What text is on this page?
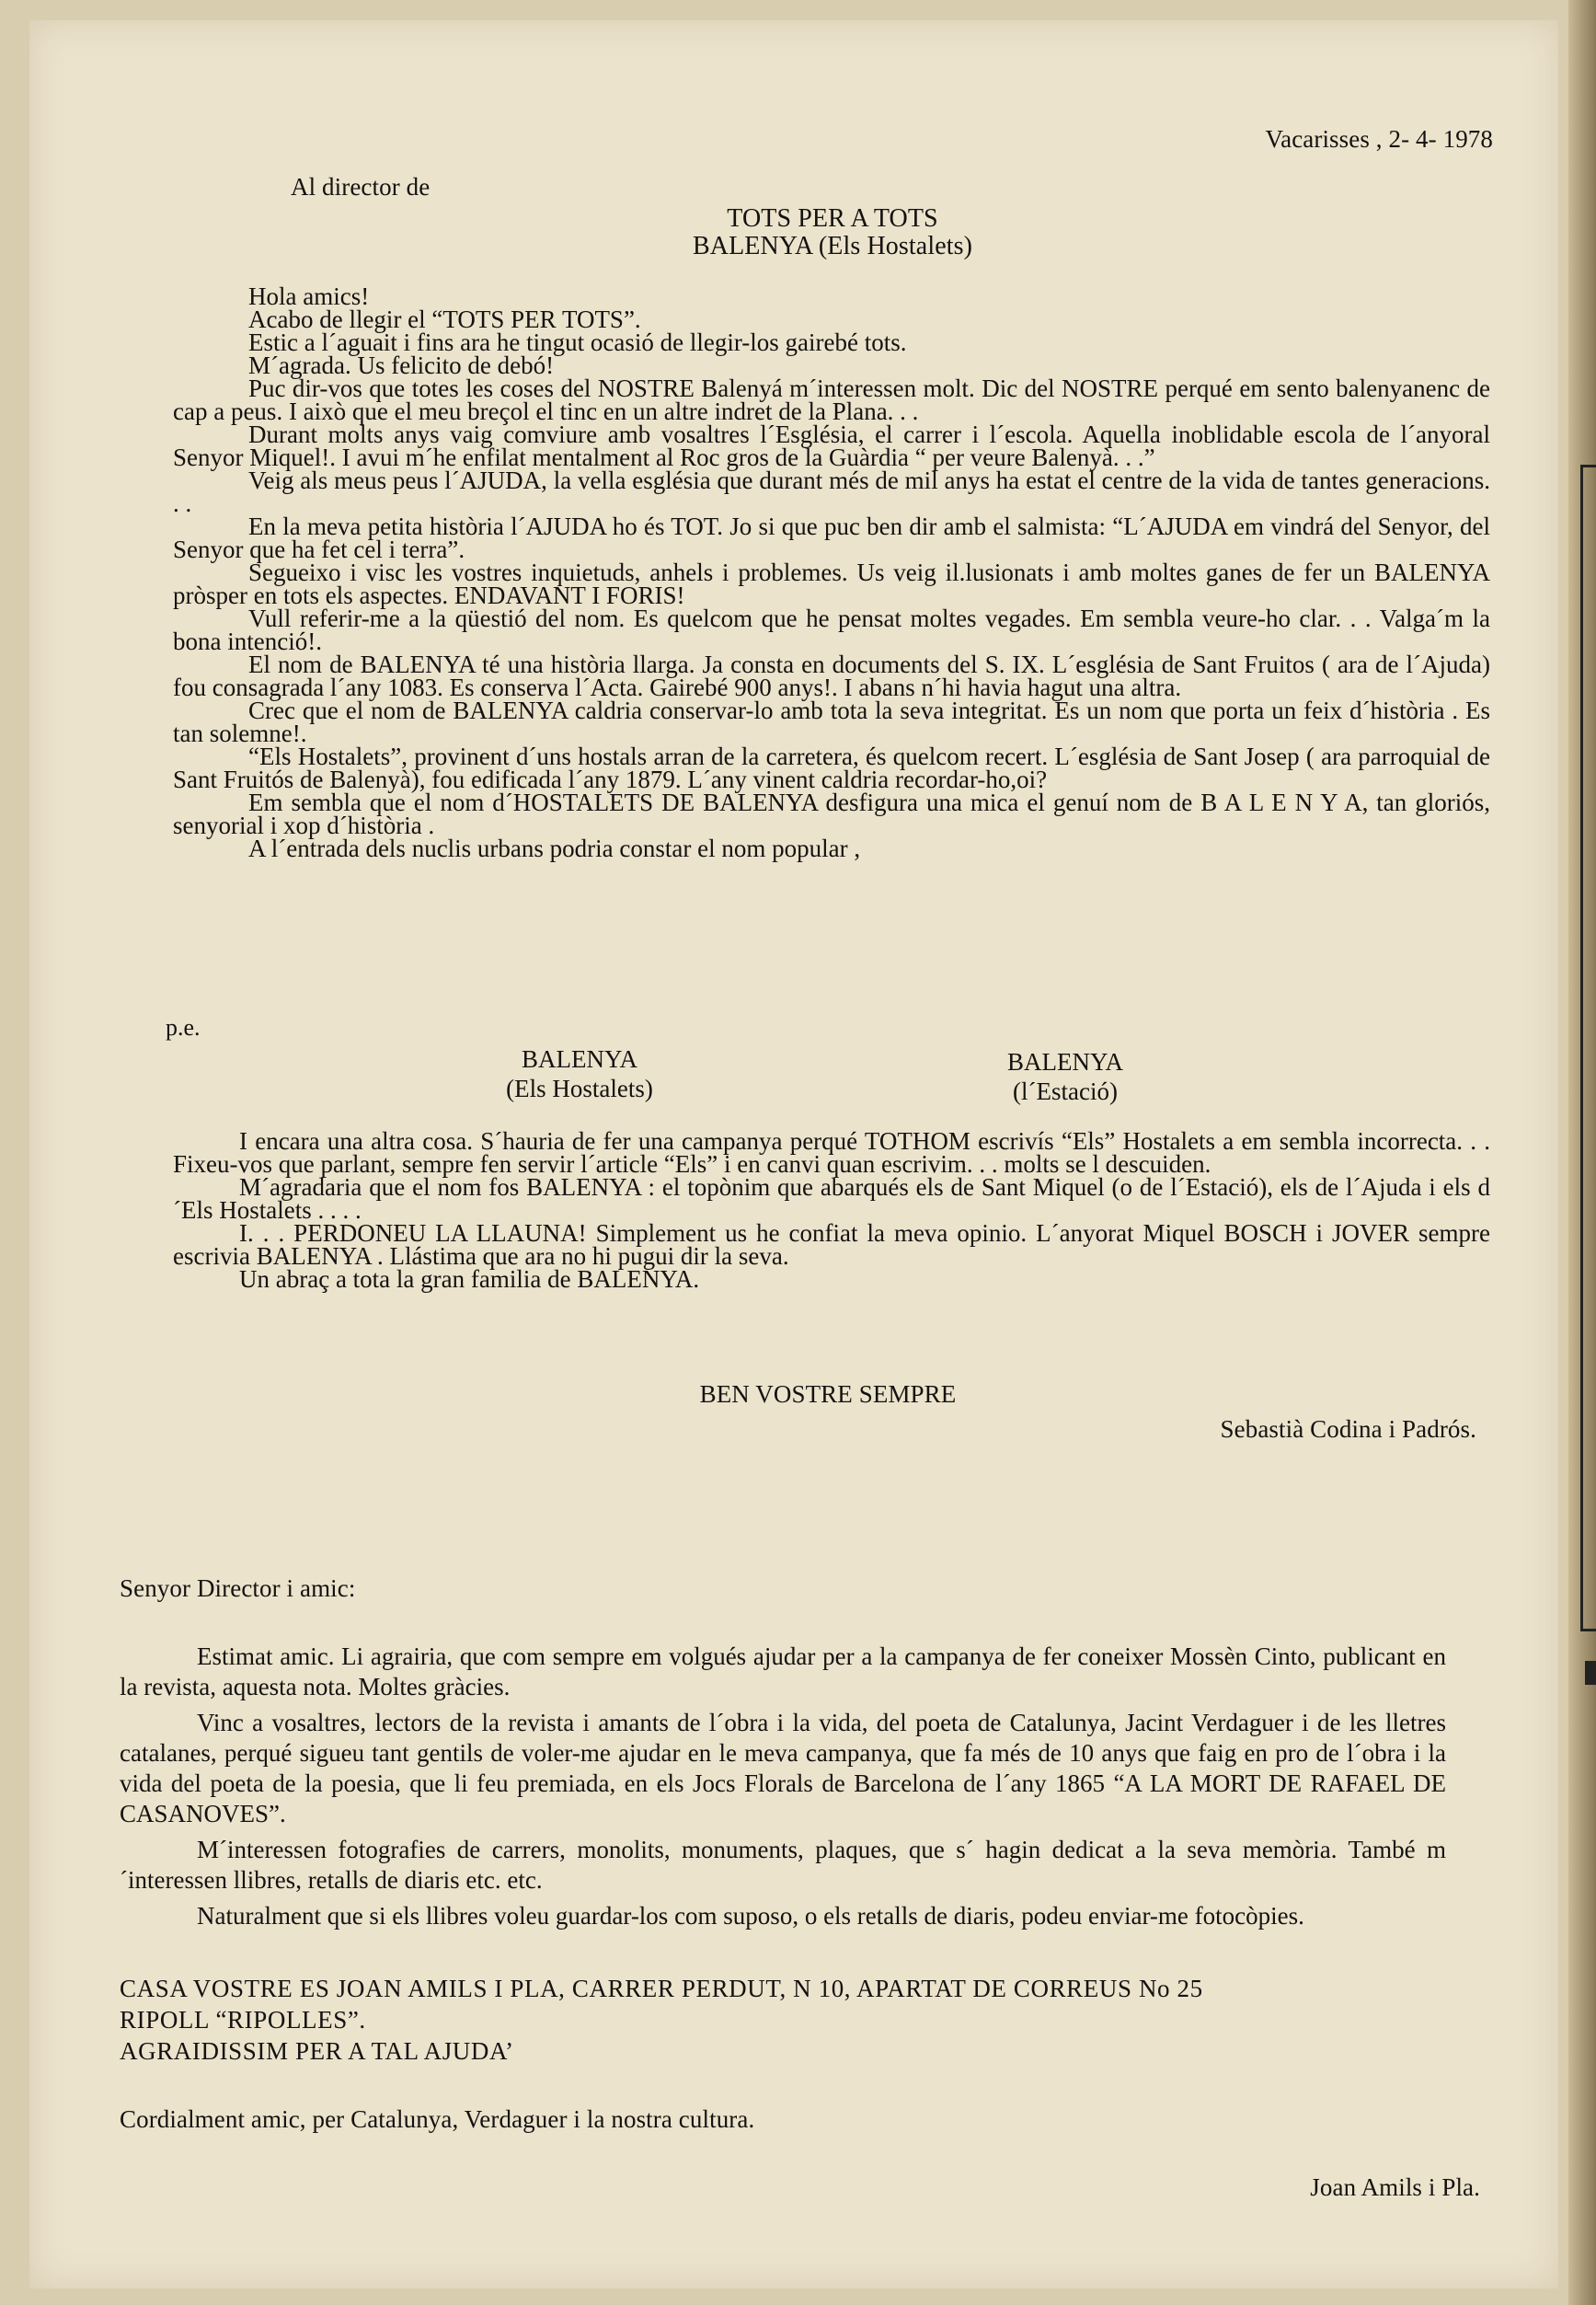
Vacarisses , 2- 4- 1978
Al director de
TOTS PER A TOTS
BALENYA (Els Hostalets)

Hola amics!

Acabo de llegir el “TOTS PER TOTS”.

Estic a l´aguait i fins ara he tingut ocasió de llegir-los gairebé tots.

M´agrada. Us felicito de debó!

Puc dir-vos que totes les coses del NOSTRE Balenyá m´interessen molt. Dic del NOSTRE perqué em sento balenyanenc de cap a peus. I això que el meu breçol el tinc en un altre indret de la Plana. . .

Durant molts anys vaig comviure amb vosaltres l´Església, el carrer i l´escola. Aquella inoblidable escola de l´anyoral Senyor Miquel!. I avui m´he enfilat mentalment al Roc gros de la Guàrdia “ per veure Balenyà. . .”

Veig als meus peus l´AJUDA, la vella església que durant més de mil anys ha estat el centre de la vida de tantes generacions. . .

En la meva petita història l´AJUDA ho és TOT. Jo si que puc ben dir amb el salmista: “L´AJUDA em vindrá del Senyor, del Senyor que ha fet cel i terra”.

Segueixo i visc les vostres inquietuds, anhels i problemes. Us veig il.lusionats i amb moltes ganes de fer un BALENYA pròsper en tots els aspectes. ENDAVANT I FORIS!

Vull referir-me a la qüestió del nom. Es quelcom que he pensat moltes vegades. Em sembla veure-ho clar. . . Valga´m la bona intenció!.

El nom de BALENYA té una història llarga. Ja consta en documents del S. IX. L´església de Sant Fruitos ( ara de l´Ajuda) fou consagrada l´any 1083. Es conserva l´Acta. Gairebé 900 anys!. I abans n´hi havia hagut una altra.

Crec que el nom de BALENYA caldria conservar-lo amb tota la seva integritat. Es un nom que porta un feix d´història . Es tan solemne!.

“Els Hostalets”, provinent d´uns hostals arran de la carretera, és quelcom recert. L´església de Sant Josep ( ara parroquial de Sant Fruitós de Balenyà), fou edificada l´any 1879. L´any vinent caldria recordar-ho,oi?

Em sembla que el nom d´HOSTALETS DE BALENYA desfigura una mica el genuí nom de B A L E N Y A, tan gloriós, senyorial i xop d´història .

A l´entrada dels nuclis urbans podria constar el nom popular ,

p.e.
BALENYA
(Els Hostalets)
BALENYA
(l´Estació)

I encara una altra cosa. S´hauria de fer una campanya perqué TOTHOM escrivís “Els” Hostalets a em sembla incorrecta. . . Fixeu-vos que parlant, sempre fen servir l´article “Els” i en canvi quan escrivim. . . molts se l descuiden.

M´agradaria que el nom fos BALENYA : el topònim que abarqués els de Sant Miquel (o de l´Estació), els de l´Ajuda i els d´Els Hostalets . . . .

I. . . PERDONEU LA LLAUNA! Simplement us he confiat la meva opinio. L´anyorat Miquel BOSCH i JOVER sempre escrivia BALENYA . Llástima que ara no hi pugui dir la seva.

Un abraç a tota la gran familia de BALENYA.

BEN VOSTRE SEMPRE
Sebastià Codina i Padrós.
Senyor Director i amic:

Estimat amic. Li agrairia, que com sempre em volgués ajudar per a la campanya de fer coneixer Mossèn Cinto, publicant en la revista, aquesta nota. Moltes gràcies.

Vinc a vosaltres, lectors de la revista i amants de l´obra i la vida, del poeta de Catalunya, Jacint Verdaguer i de les lletres catalanes, perqué sigueu tant gentils de voler-me ajudar en le meva campanya, que fa més de 10 anys que faig en pro de l´obra i la vida del poeta de la poesia, que li feu premiada, en els Jocs Florals de Barcelona de l´any 1865 “A LA MORT DE RAFAEL DE CASANOVES”.

M´interessen fotografies de carrers, monolits, monuments, plaques, que s´ hagin dedicat a la seva memòria. També m´interessen llibres, retalls de diaris etc. etc.

Naturalment que si els llibres voleu guardar-los com suposo, o els retalls de diaris, podeu enviar-me fotocòpies.

CASA VOSTRE ES JOAN AMILS I PLA, CARRER PERDUT, N 10, APARTAT DE CORREUS No 25
RIPOLL “RIPOLLES”.
AGRAIDISSIM PER A TAL AJUDA’
Cordialment amic, per Catalunya, Verdaguer i la nostra cultura.
Joan Amils i Pla.
